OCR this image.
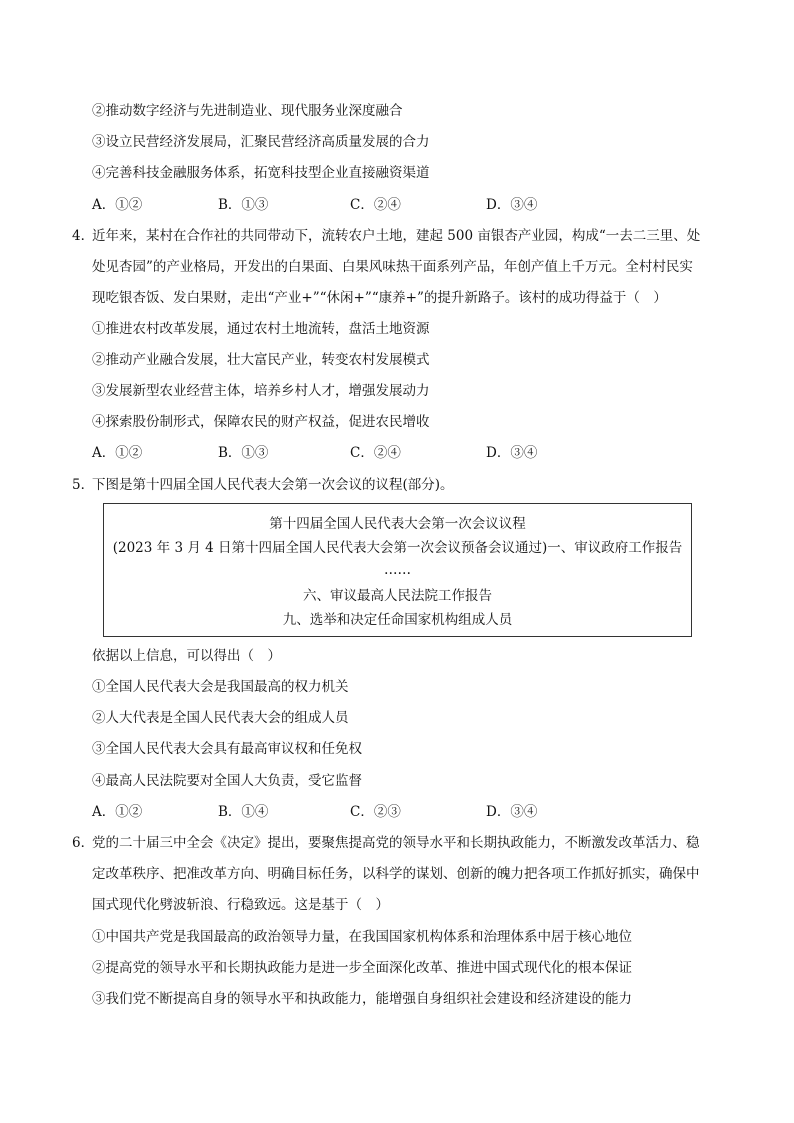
②推动数字经济与先进制造业、现代服务业深度融合
③设立民营经济发展局，汇聚民营经济高质量发展的合力
④完善科技金融服务体系，拓宽科技型企业直接融资渠道
A．①②	B．①③	C．②④	D．③④
4．近年来，某村在合作社的共同带动下，流转农户土地，建起 500 亩银杏产业园，构成“一去二三里、处
处见杏园”的产业格局，开发出的白果面、白果风味热干面系列产品，年创产值上千万元。全村村民实
现吃银杏饭、发白果财，走出“产业+”“休闲+”“康养+”的提升新路子。该村的成功得益于（　）
①推进农村改革发展，通过农村土地流转，盘活土地资源
②推动产业融合发展，壮大富民产业，转变农村发展模式
③发展新型农业经营主体，培养乡村人才，增强发展动力
④探索股份制形式，保障农民的财产权益，促进农民增收
A．①②	B．①③	C．②④	D．③④
5．下图是第十四届全国人民代表大会第一次会议的议程(部分)。
第十四届全国人民代表大会第一次会议议程
(2023 年 3 月 4 日第十四届全国人民代表大会第一次会议预备会议通过)一、审议政府工作报告
……
六、审议最高人民法院工作报告
九、选举和决定任命国家机构组成人员
依据以上信息，可以得出（　）
①全国人民代表大会是我国最高的权力机关
②人大代表是全国人民代表大会的组成人员
③全国人民代表大会具有最高审议权和任免权
④最高人民法院要对全国人大负责，受它监督
A．①②	B．①④	C．②③	D．③④
6．党的二十届三中全会《决定》提出，要聚焦提高党的领导水平和长期执政能力，不断激发改革活力、稳
定改革秩序、把准改革方向、明确目标任务，以科学的谋划、创新的魄力把各项工作抓好抓实，确保中
国式现代化劈波斩浪、行稳致远。这是基于（　）
①中国共产党是我国最高的政治领导力量，在我国国家机构体系和治理体系中居于核心地位
②提高党的领导水平和长期执政能力是进一步全面深化改革、推进中国式现代化的根本保证
③我们党不断提高自身的领导水平和执政能力，能增强自身组织社会建设和经济建设的能力
